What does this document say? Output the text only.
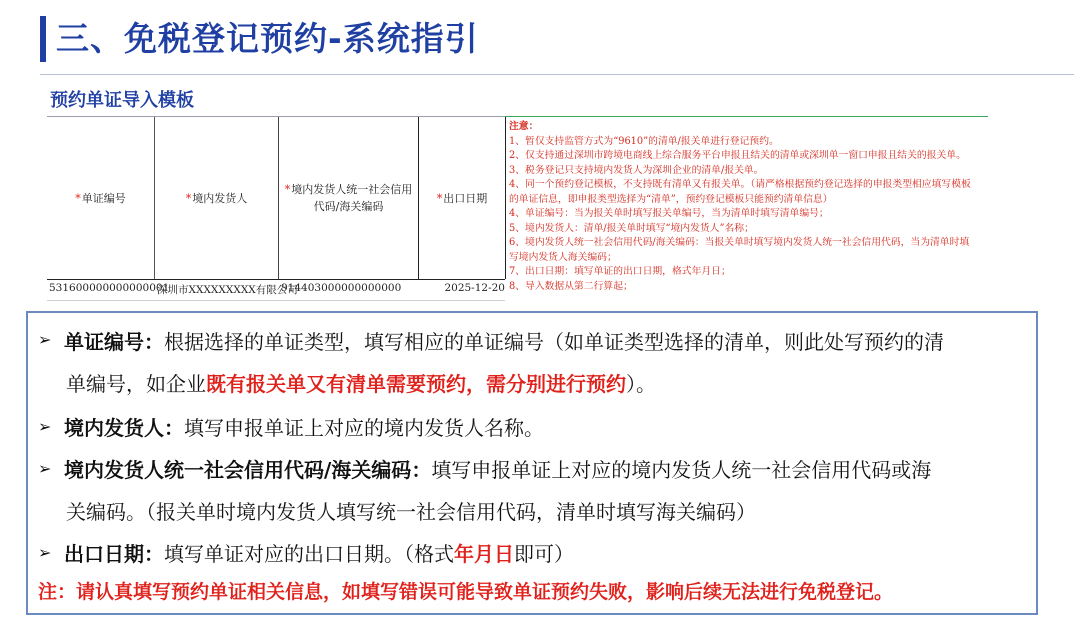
三、免税登记预约-系统指引
预约单证导入模板
*单证编号	*境内发货人
*境内发货人统一社会信用代码/海关编码
*出口日期
注意：
1、暂仅支持监管方式为“9610”的清单/报关单进行登记预约。
2、仅支持通过深圳市跨境电商线上综合服务平台申报且结关的清单或深圳单一窗口申报且结关的报关单。
3、税务登记只支持境内发货人为深圳企业的清单/报关单。
4、同一个预约登记模板，不支持既有清单又有报关单。（请严格根据预约登记选择的申报类型相应填写模板
的单证信息，即申报类型选择为“清单”，预约登记模板只能预约清单信息）
4、单证编号：当为报关单时填写报关单编号，当为清单时填写清单编号；
5、境内发货人：清单/报关单时填写“境内发货人”名称；
6、境内发货人统一社会信用代码/海关编码：当报关单时填写境内发货人统一社会信用代码，当为清单时填
写境内发货人海关编码；
7、出口日期：填写单证的出口日期，格式年月日；
8、导入数据从第二行算起；
531600000000000001
深圳市XXXXXXXXX有限公司
914403000000000000	2025-12-20
➢ 单证编号：根据选择的单证类型，填写相应的单证编号（如单证类型选择的清单，则此处写预约的清
单编号，如企业既有报关单又有清单需要预约，需分别进行预约）。
➢ 境内发货人：填写申报单证上对应的境内发货人名称。
➢ 境内发货人统一社会信用代码/海关编码：填写申报单证上对应的境内发货人统一社会信用代码或海
关编码。（报关单时境内发货人填写统一社会信用代码，清单时填写海关编码）
➢ 出口日期：填写单证对应的出口日期。（格式年月日即可）
注：请认真填写预约单证相关信息，如填写错误可能导致单证预约失败，影响后续无法进行免税登记。
